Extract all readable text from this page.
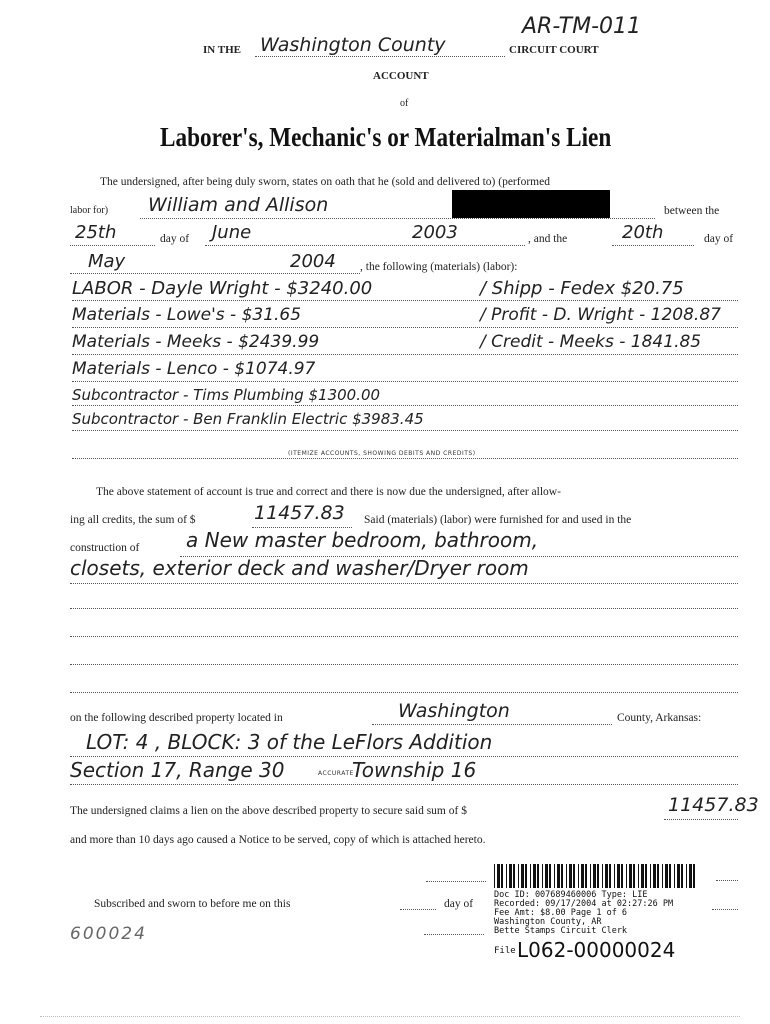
AR-TM-011
IN THE Washington County	CIRCUIT COURT
ACCOUNT
of
Laborer's, Mechanic's or Materialman's Lien
The undersigned, after being duly sworn, states on oath that he (sold and delivered to) (performed
labor for) William and Allison	between the
25th	day of June	2003	, and the	20th	day of
May	2004 , the following (materials) (labor):
LABOR - Dayle Wright - $3240.00	/ Shipp - Fedex $20.75
Materials - Lowe's - $31.65	/ Profit - D. Wright - 1208.87
Materials - Meeks - $2439.99	/ Credit - Meeks - 1841.85
Materials - Lenco - $1074.97
Subcontractor - Tims Plumbing $1300.00
Subcontractor - Ben Franklin Electric $3983.45
(ITEMIZE ACCOUNTS, SHOWING DEBITS AND CREDITS)
The above statement of account is true and correct and there is now due the undersigned, after allow-
ing all credits, the sum of $	11457.83 Said (materials) (labor) were furnished for and used in the
construction of a New master bedroom, bathroom,
closets, exterior deck and washer/Dryer room
on the following described property located in	Washington	County, Arkansas:
LOT: 4 , BLOCK: 3 of the LeFlors Addition
Section 17, Range 30	ACCURATE
Township 16
The undersigned claims a lien on the above described property to secure said sum of $	11457.83
and more than 10 days ago caused a Notice to be served, copy of which is attached hereto.
Subscribed and sworn to before me on this	day of
600024
Doc ID: 007689460006 Type: LIE
Recorded: 09/17/2004 at 02:27:26 PM
Fee Amt: $8.00 Page 1 of 6
Washington County, AR
Bette Stamps Circuit Clerk
File L062-00000024
